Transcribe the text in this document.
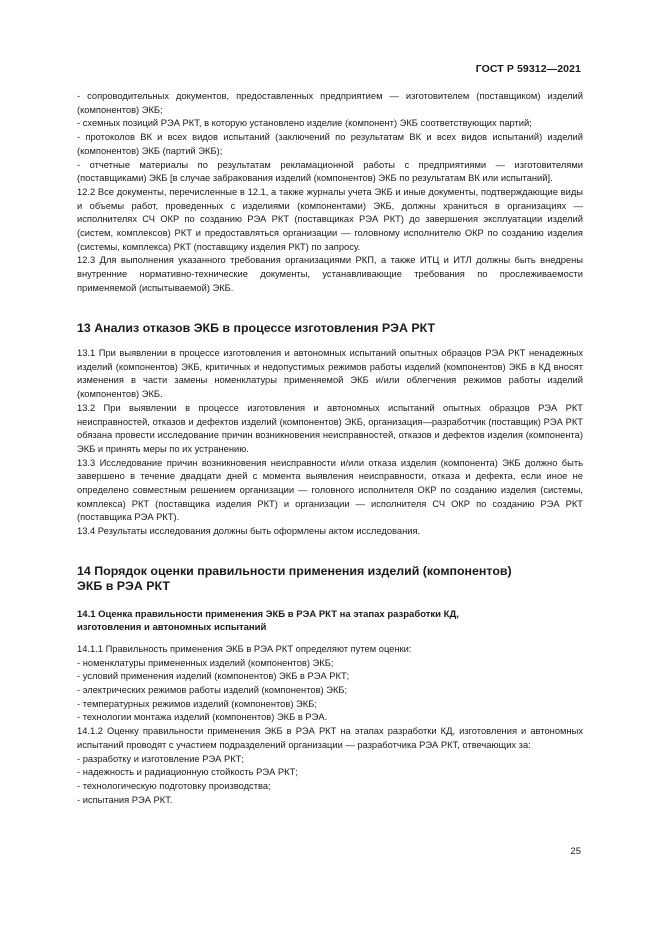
ГОСТ Р 59312—2021

- сопроводительных документов, предоставленных предприятием — изготовителем (поставщиком) изделий (компонентов) ЭКБ;

- схемных позиций РЭА РКТ, в которую установлено изделие (компонент) ЭКБ соответствующих партий;

- протоколов ВК и всех видов испытаний (заключений по результатам ВК и всех видов испытаний) изделий (компонентов) ЭКБ (партий ЭКБ);

- отчетные материалы по результатам рекламационной работы с предприятиями — изготовителями (поставщиками) ЭКБ [в случае забракования изделий (компонентов) ЭКБ по результатам ВК или испытаний].

12.2 Все документы, перечисленные в 12.1, а также журналы учета ЭКБ и иные документы, подтверждающие виды и объемы работ, проведенных с изделиями (компонентами) ЭКБ, должны храниться в организациях — исполнителях СЧ ОКР по созданию РЭА РКТ (поставщиках РЭА РКТ) до завершения эксплуатации изделий (систем, комплексов) РКТ и предоставляться организации — головному исполнителю ОКР по созданию изделия (системы, комплекса) РКТ (поставщику изделия РКТ) по запросу.

12.3 Для выполнения указанного требования организациями РКП, а также ИТЦ и ИТЛ должны быть внедрены внутренние нормативно-технические документы, устанавливающие требования по прослеживаемости применяемой (испытываемой) ЭКБ.

13 Анализ отказов ЭКБ в процессе изготовления РЭА РКТ

13.1 При выявлении в процессе изготовления и автономных испытаний опытных образцов РЭА РКТ ненадежных изделий (компонентов) ЭКБ, критичных и недопустимых режимов работы изделий (компонентов) ЭКБ в КД вносят изменения в части замены номенклатуры применяемой ЭКБ и/или облегчения режимов работы изделий (компонентов) ЭКБ.

13.2 При выявлении в процессе изготовления и автономных испытаний опытных образцов РЭА РКТ неисправностей, отказов и дефектов изделий (компонентов) ЭКБ, организация—разработчик (поставщик) РЭА РКТ обязана провести исследование причин возникновения неисправностей, отказов и дефектов изделия (компонента) ЭКБ и принять меры по их устранению.

13.3 Исследование причин возникновения неисправности и/или отказа изделия (компонента) ЭКБ должно быть завершено в течение двадцати дней с момента выявления неисправности, отказа и дефекта, если иное не определено совместным решением организации — головного исполнителя ОКР по созданию изделия (системы, комплекса) РКТ (поставщика изделия РКТ) и организации — исполнителя СЧ ОКР по созданию РЭА РКТ (поставщика РЭА РКТ).

13.4 Результаты исследования должны быть оформлены актом исследования.

14 Порядок оценки правильности применения изделий (компонентов)

ЭКБ в РЭА РКТ

14.1 Оценка правильности применения ЭКБ в РЭА РКТ на этапах разработки КД,

изготовления и автономных испытаний

14.1.1 Правильность применения ЭКБ в РЭА РКТ определяют путем оценки:

- номенклатуры примененных изделий (компонентов) ЭКБ;

- условий применения изделий (компонентов) ЭКБ в РЭА РКТ;

- электрических режимов работы изделий (компонентов) ЭКБ;

- температурных режимов изделий (компонентов) ЭКБ;

- технологии монтажа изделий (компонентов) ЭКБ в РЭА.

14.1.2 Оценку правильности применения ЭКБ в РЭА РКТ на этапах разработки КД, изготовления и автономных испытаний проводят с участием подразделений организации — разработчика РЭА РКТ, отвечающих за:

- разработку и изготовление РЭА РКТ;

- надежность и радиационную стойкость РЭА РКТ;

- технологическую подготовку производства;

- испытания РЭА РКТ.

25
